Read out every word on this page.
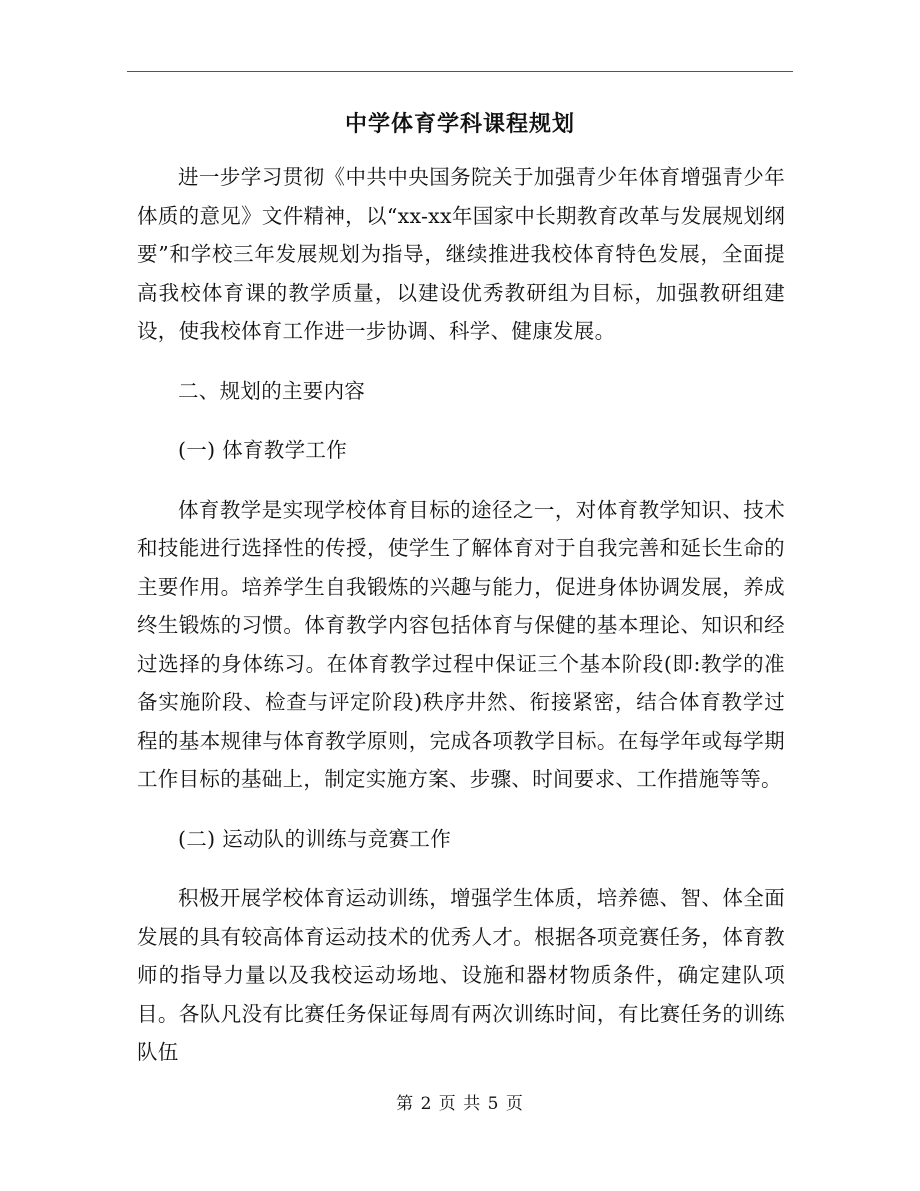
中学体育学科课程规划

进一步学习贯彻《中共中央国务院关于加强青少年体育增强青少年体质的意见》文件精神，以“xx-xx年国家中长期教育改革与发展规划纲要”和学校三年发展规划为指导，继续推进我校体育特色发展，全面提高我校体育课的教学质量，以建设优秀教研组为目标，加强教研组建设，使我校体育工作进一步协调、科学、健康发展。

二、规划的主要内容

(一) 体育教学工作

体育教学是实现学校体育目标的途径之一，对体育教学知识、技术和技能进行选择性的传授，使学生了解体育对于自我完善和延长生命的主要作用。培养学生自我锻炼的兴趣与能力，促进身体协调发展，养成终生锻炼的习惯。体育教学内容包括体育与保健的基本理论、知识和经过选择的身体练习。在体育教学过程中保证三个基本阶段(即:教学的准备实施阶段、检查与评定阶段)秩序井然、衔接紧密，结合体育教学过程的基本规律与体育教学原则，完成各项教学目标。在每学年或每学期工作目标的基础上，制定实施方案、步骤、时间要求、工作措施等等。

(二) 运动队的训练与竞赛工作

积极开展学校体育运动训练，增强学生体质，培养德、智、体全面发展的具有较高体育运动技术的优秀人才。根据各项竞赛任务，体育教师的指导力量以及我校运动场地、设施和器材物质条件，确定建队项目。各队凡没有比赛任务保证每周有两次训练时间，有比赛任务的训练队伍

第 2 页 共 5 页
